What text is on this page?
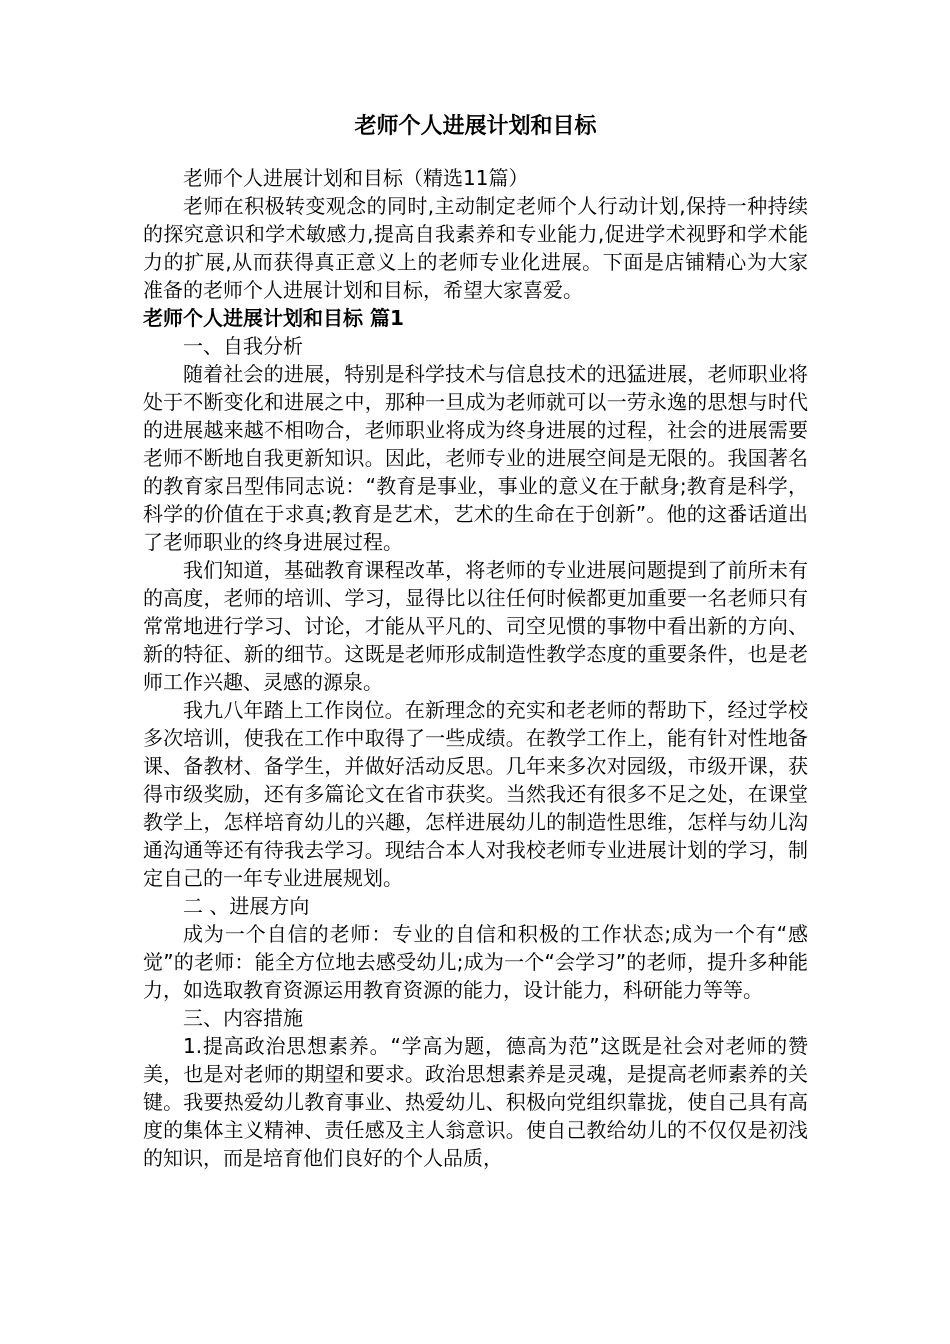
老师个人进展计划和目标
老师个人进展计划和目标（精选11篇）
老师在积极转变观念的同时,主动制定老师个人行动计划,保持一种持续的探究意识和学术敏感力,提高自我素养和专业能力,促进学术视野和学术能力的扩展,从而获得真正意义上的老师专业化进展。下面是店铺精心为大家准备的老师个人进展计划和目标，希望大家喜爱。
老师个人进展计划和目标 篇1
一、自我分析
随着社会的进展，特别是科学技术与信息技术的迅猛进展，老师职业将处于不断变化和进展之中，那种一旦成为老师就可以一劳永逸的思想与时代的进展越来越不相吻合，老师职业将成为终身进展的过程，社会的进展需要老师不断地自我更新知识。因此，老师专业的进展空间是无限的。我国著名的教育家吕型伟同志说：“教育是事业，事业的意义在于献身;教育是科学，科学的价值在于求真;教育是艺术，艺术的生命在于创新”。他的这番话道出了老师职业的终身进展过程。
我们知道，基础教育课程改革，将老师的专业进展问题提到了前所未有的高度，老师的培训、学习，显得比以往任何时候都更加重要一名老师只有常常地进行学习、讨论，才能从平凡的、司空见惯的事物中看出新的方向、新的特征、新的细节。这既是老师形成制造性教学态度的重要条件，也是老师工作兴趣、灵感的源泉。
我九八年踏上工作岗位。在新理念的充实和老老师的帮助下，经过学校多次培训，使我在工作中取得了一些成绩。在教学工作上，能有针对性地备课、备教材、备学生，并做好活动反思。几年来多次对园级，市级开课，获得市级奖励，还有多篇论文在省市获奖。当然我还有很多不足之处，在课堂教学上，怎样培育幼儿的兴趣，怎样进展幼儿的制造性思维，怎样与幼儿沟通沟通等还有待我去学习。现结合本人对我校老师专业进展计划的学习，制定自己的一年专业进展规划。
二 、进展方向
成为一个自信的老师：专业的自信和积极的工作状态;成为一个有“感觉”的老师：能全方位地去感受幼儿;成为一个“会学习”的老师，提升多种能力，如选取教育资源运用教育资源的能力，设计能力，科研能力等等。
三、内容措施
1.提高政治思想素养。“学高为题，德高为范”这既是社会对老师的赞美，也是对老师的期望和要求。政治思想素养是灵魂，是提高老师素养的关键。我要热爱幼儿教育事业、热爱幼儿、积极向党组织靠拢，使自己具有高度的集体主义精神、责任感及主人翁意识。使自己教给幼儿的不仅仅是初浅的知识，而是培育他们良好的个人品质，
